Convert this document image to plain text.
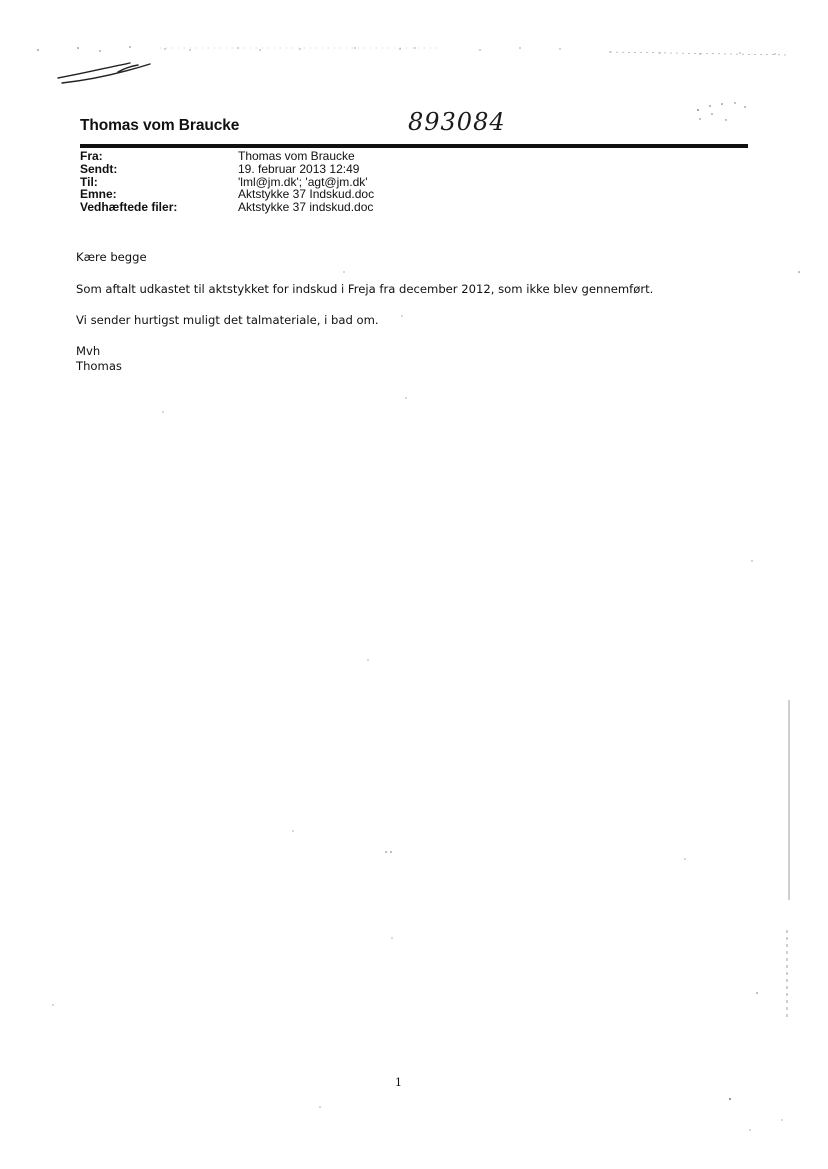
Thomas vom Braucke	893084
Fra:	Thomas vom Braucke
Sendt:	19. februar 2013 12:49
Til:	'lml@jm.dk'; 'agt@jm.dk'
Emne:	Aktstykke 37 Indskud.doc
Vedhæftede filer:	Aktstykke 37 indskud.doc

Kære begge

Som aftalt udkastet til aktstykket for indskud i Freja fra december 2012, som ikke blev gennemført.

Vi sender hurtigst muligt det talmateriale, i bad om.

Mvh

Thomas

1
